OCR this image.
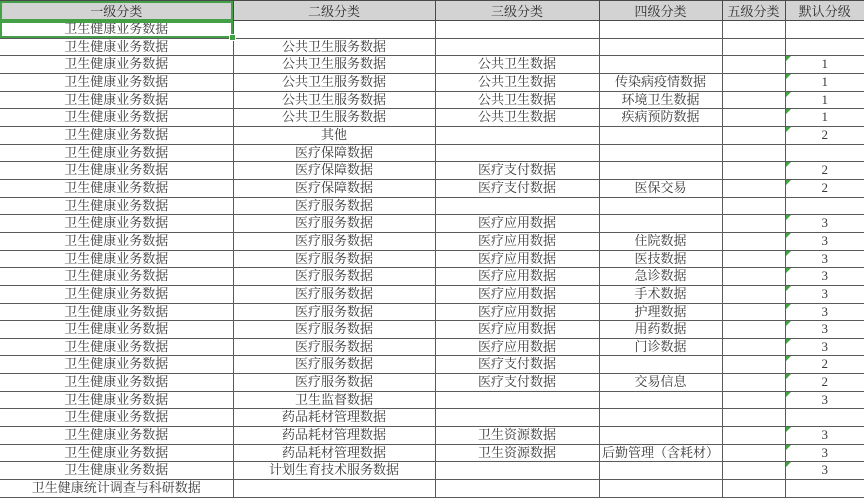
一级分类	二级分类	三级分类	四级分类	五级分类	默认分级
卫生健康业务数据					
卫生健康业务数据	公共卫生服务数据				
卫生健康业务数据	公共卫生服务数据	公共卫生数据			1
卫生健康业务数据	公共卫生服务数据	公共卫生数据	传染病疫情数据		1
卫生健康业务数据	公共卫生服务数据	公共卫生数据	环境卫生数据		1
卫生健康业务数据	公共卫生服务数据	公共卫生数据	疾病预防数据		1
卫生健康业务数据	其他				2
卫生健康业务数据	医疗保障数据				
卫生健康业务数据	医疗保障数据	医疗支付数据			2
卫生健康业务数据	医疗保障数据	医疗支付数据	医保交易		2
卫生健康业务数据	医疗服务数据				
卫生健康业务数据	医疗服务数据	医疗应用数据			3
卫生健康业务数据	医疗服务数据	医疗应用数据	住院数据		3
卫生健康业务数据	医疗服务数据	医疗应用数据	医技数据		3
卫生健康业务数据	医疗服务数据	医疗应用数据	急诊数据		3
卫生健康业务数据	医疗服务数据	医疗应用数据	手术数据		3
卫生健康业务数据	医疗服务数据	医疗应用数据	护理数据		3
卫生健康业务数据	医疗服务数据	医疗应用数据	用药数据		3
卫生健康业务数据	医疗服务数据	医疗应用数据	门诊数据		3
卫生健康业务数据	医疗服务数据	医疗支付数据			2
卫生健康业务数据	医疗服务数据	医疗支付数据	交易信息		2
卫生健康业务数据	卫生监督数据				3
卫生健康业务数据	药品耗材管理数据				
卫生健康业务数据	药品耗材管理数据	卫生资源数据			3
卫生健康业务数据	药品耗材管理数据	卫生资源数据	后勤管理（含耗材）		3
卫生健康业务数据	计划生育技术服务数据				3
卫生健康统计调查与科研数据					
